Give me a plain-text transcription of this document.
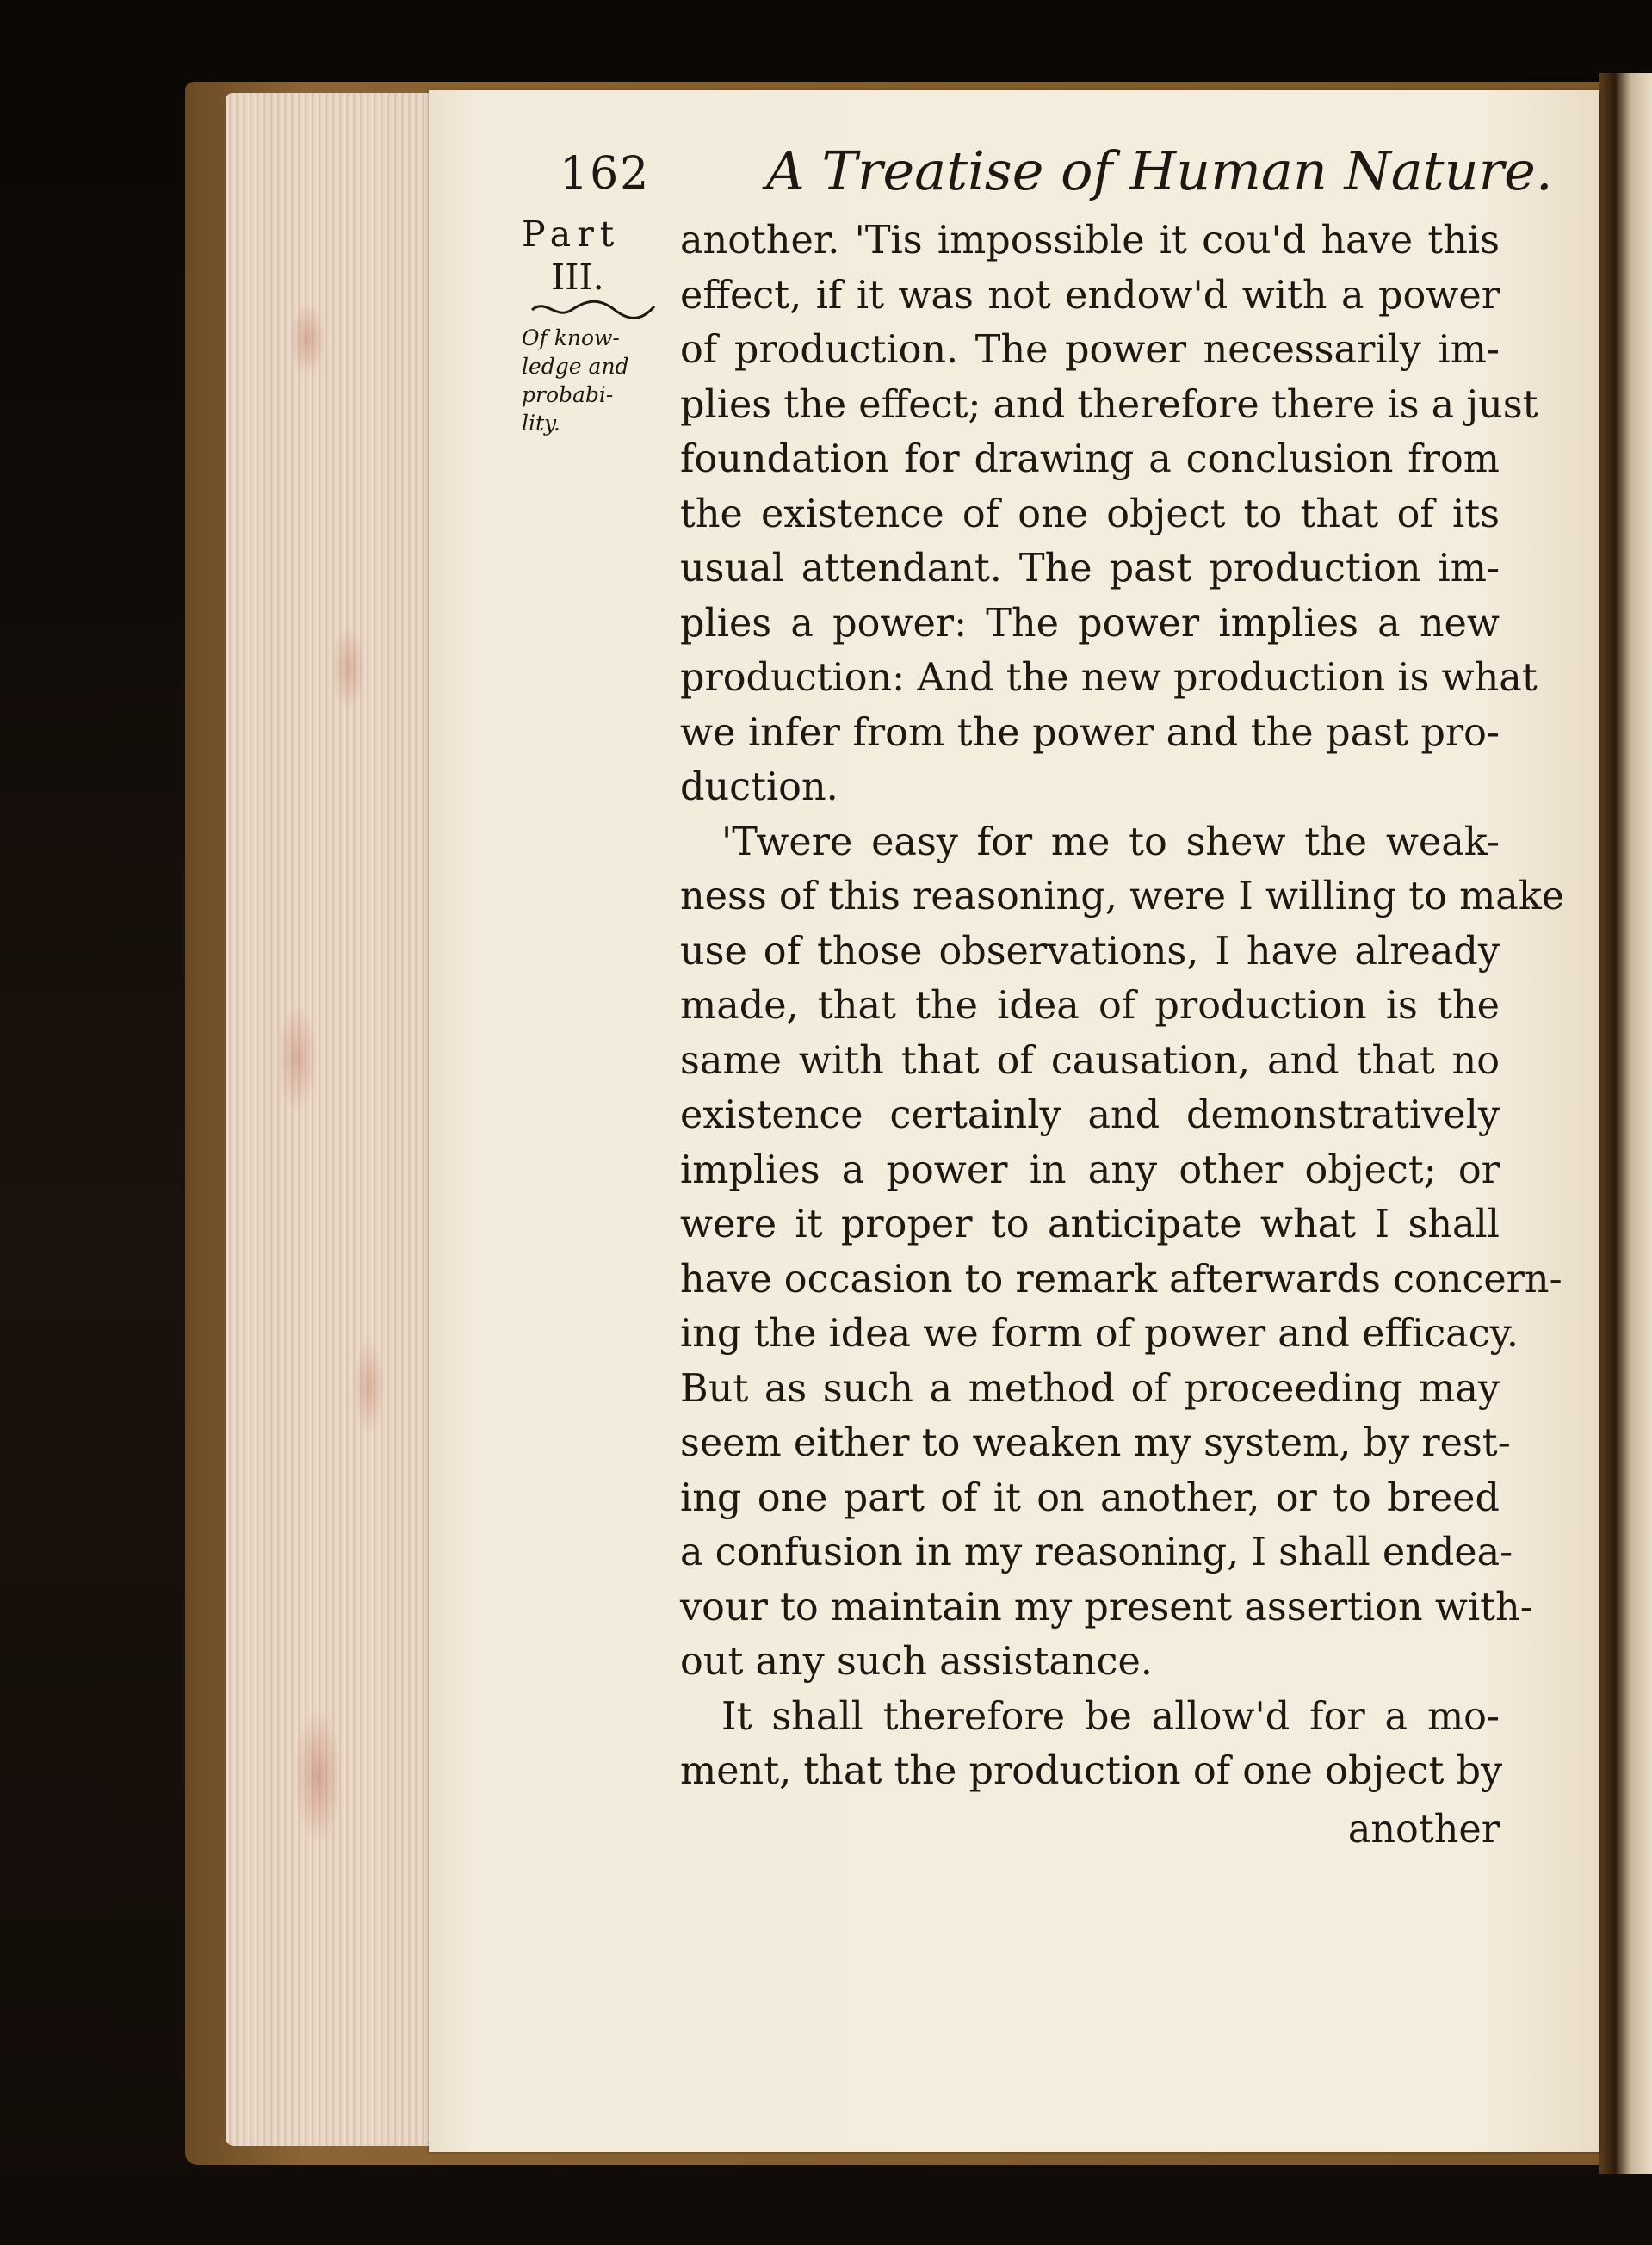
162 A Treatise of Human Nature.
Part
III.
Of know-
ledge and
probabi-
lity.
another. 'Tis impossible it cou'd have this
effect, if it was not endow'd with a power
of production. The power necessarily im-
plies the effect; and therefore there is a just
foundation for drawing a conclusion from
the existence of one object to that of its
usual attendant. The past production im-
plies a power: The power implies a new
production: And the new production is what
we infer from the power and the past pro-
duction.
'Twere easy for me to shew the weak-
ness of this reasoning, were I willing to make
use of those observations, I have already
made, that the idea of production is the
same with that of causation, and that no
existence certainly and demonstratively
implies a power in any other object; or
were it proper to anticipate what I shall
have occasion to remark afterwards concern-
ing the idea we form of power and efficacy.
But as such a method of proceeding may
seem either to weaken my system, by rest-
ing one part of it on another, or to breed
a confusion in my reasoning, I shall endea-
vour to maintain my present assertion with-
out any such assistance.
It shall therefore be allow'd for a mo-
ment, that the production of one object by
another
